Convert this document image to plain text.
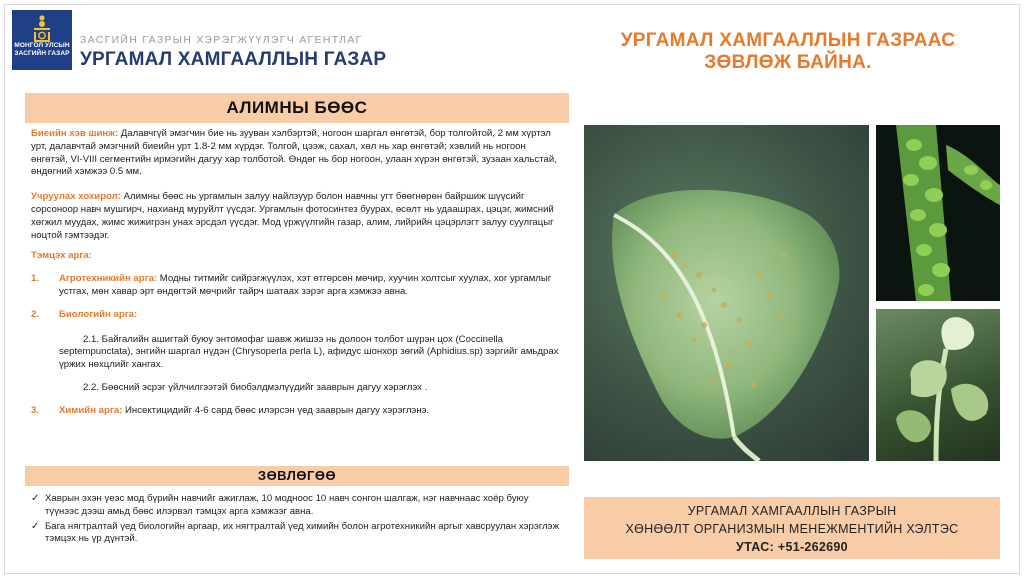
МОНГОЛ УЛСЫН
ЗАСГИЙН ГАЗАР
ЗАСГИЙН ГАЗРЫН ХЭРЭГЖҮҮЛЭГЧ АГЕНТЛАГ
УРГАМАЛ ХАМГААЛЛЫН ГАЗАР
УРГАМАЛ ХАМГААЛЛЫН ГАЗРААС
ЗӨВЛӨЖ БАЙНА.
АЛИМНЫ БӨӨС

Биеийн хэв шинж: Далавчгүй эмэгчин бие нь зууван хэлбэртэй, ногоон шаргал өнгөтэй, бор толгойтой, 2 мм хүртэл урт, далавчтай эмэгчний биеийн урт 1.8-2 мм хүрдэг. Толгой, цээж, сахал, хөл нь хар өнгөтэй; хэвлий нь ногоон өнгөтэй, VI-VIII сегментийн ирмэгийн дагуу хар толботой. Өндөг нь бор ногоон, улаан хүрэн өнгөтэй, зузаан хальстай, өндөгний хэмжээ 0.5 мм.

Учруулах хохирол: Алимны бөөс нь ургамлын залуу найлзуур болон навчны угт бөөгнөрөн байршиж шүүсийг сорсоноор навч мушгирч, нахианд муруйлт үүсдэг. Ургамлын фотосинтез буурах, өсөлт нь удаашрах, цэцэг, жимсний хөгжил муудах, жимс жижигрэн унах эрсдэл үүсдэг. Мод үржүүлгийн газар, алим, лийрийн цэцэрлэгт залуу суулгацыг ноцтой гэмтээдэг.

Тэмцэх арга:
1.	Агротехникийн арга: Модны титмийг сийрэгжүүлэх, хэт өтгөрсөн мөчир, хуучин холтсыг хуулах, хог ургамлыг устгах, мөн хавар эрт өндөгтэй мөчрийг тайрч шатаах зэрэг арга хэмжээ авна.
2.	Биологийн арга:
2.1. Байгалийн ашигтай буюу энтомофаг шавж жишээ нь долоон толбот шүрэн цох (Coccinella septempunctata), энгийн шаргал нүдэн (Chrysoperla perla L), афидус шонхор зөгий (Aphidius.sp) зэргийг амьдрах үржих нөхцлийг хангах.
2.2. Бөөсний эсрэг үйлчилгээтэй биобэлдмэлүүдийг зааврын дагуу хэрэглэх .
3.	Химийн арга: Инсектицидийг 4-6 сард бөөс илэрсэн үед зааврын дагуу хэрэглэнэ.
ЗӨВЛӨГӨӨ
✓ Хаврын эхэн үеэс мод бүрийн навчийг ажиглаж, 10 модноос 10 навч сонгон шалгаж, нэг навчнаас хоёр буюу түүнээс дээш амьд бөөс илэрвэл тэмцэх арга хэмжээг авна.
✓ Бага нягтралтай үед биологийн аргаар, их нягтралтай үед химийн болон агротехникийн аргыг хавсруулан хэрэглэж тэмцэх нь үр дүнтэй.
УРГАМАЛ ХАМГААЛЛЫН ГАЗРЫН
ХӨНӨӨЛТ ОРГАНИЗМЫН МЕНЕЖМЕНТИЙН ХЭЛТЭС
УТАС: +51-262690
